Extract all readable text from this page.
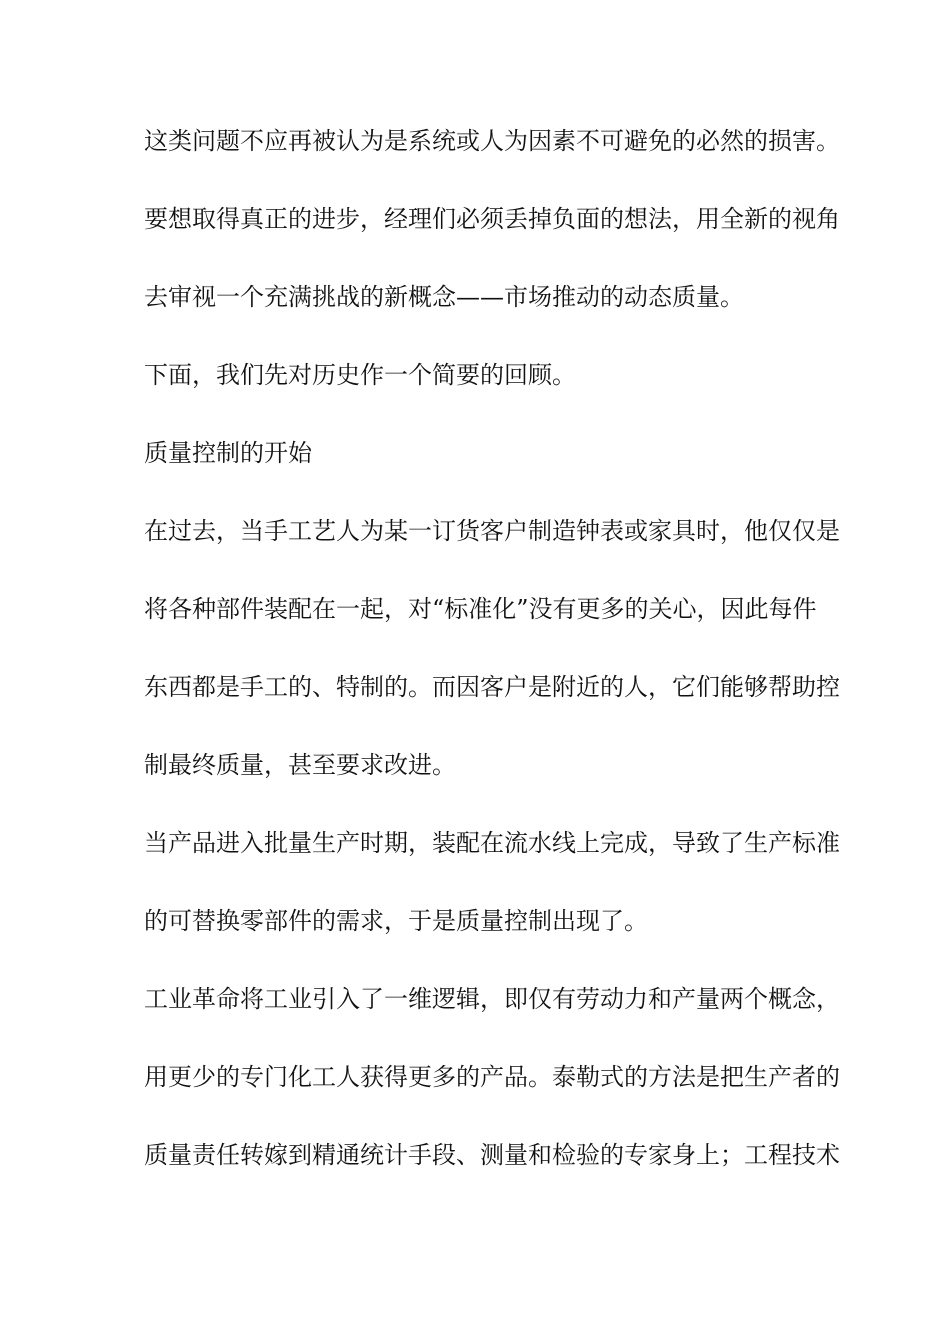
这类问题不应再被认为是系统或人为因素不可避免的必然的损害。

要想取得真正的进步，经理们必须丢掉负面的想法，用全新的视角

去审视一个充满挑战的新概念——市场推动的动态质量。

下面，我们先对历史作一个简要的回顾。

质量控制的开始

在过去，当手工艺人为某一订货客户制造钟表或家具时，他仅仅是

将各种部件装配在一起，对“标准化”没有更多的关心，因此每件

东西都是手工的、特制的。而因客户是附近的人，它们能够帮助控

制最终质量，甚至要求改进。

当产品进入批量生产时期，装配在流水线上完成，导致了生产标准

的可替换零部件的需求，于是质量控制出现了。

工业革命将工业引入了一维逻辑，即仅有劳动力和产量两个概念，

用更少的专门化工人获得更多的产品。泰勒式的方法是把生产者的

质量责任转嫁到精通统计手段、测量和检验的专家身上；工程技术
